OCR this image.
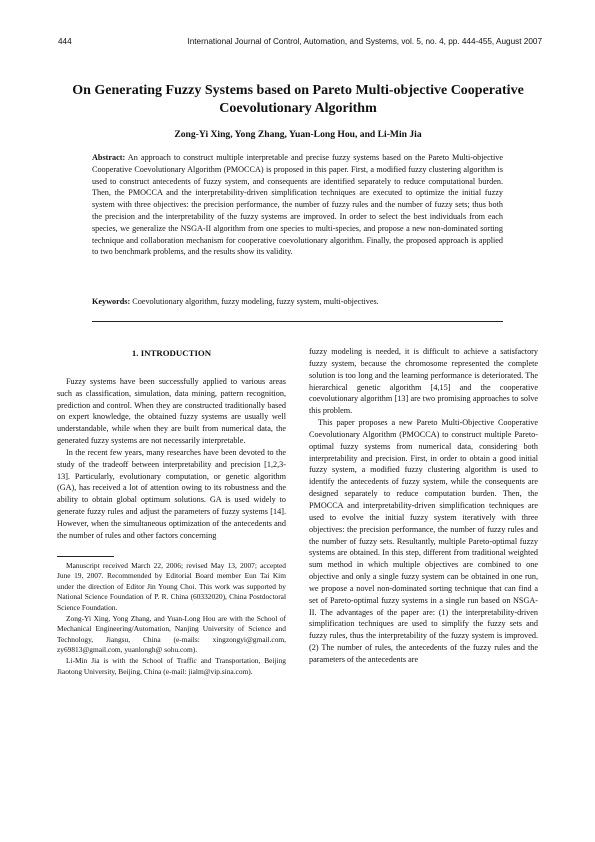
444	International Journal of Control, Automation, and Systems, vol. 5, no. 4, pp. 444-455, August 2007
On Generating Fuzzy Systems based on Pareto Multi-objective Cooperative Coevolutionary Algorithm

Zong-Yi Xing, Yong Zhang, Yuan-Long Hou, and Li-Min Jia

Abstract: An approach to construct multiple interpretable and precise fuzzy systems based on the Pareto Multi-objective Cooperative Coevolutionary Algorithm (PMOCCA) is proposed in this paper. First, a modified fuzzy clustering algorithm is used to construct antecedents of fuzzy system, and consequents are identified separately to reduce computational burden. Then, the PMOCCA and the interpretability-driven simplification techniques are executed to optimize the initial fuzzy system with three objectives: the precision performance, the number of fuzzy rules and the number of fuzzy sets; thus both the precision and the interpretability of the fuzzy systems are improved. In order to select the best individuals from each species, we generalize the NSGA-II algorithm from one species to multi-species, and propose a new non-dominated sorting technique and collaboration mechanism for cooperative coevolutionary algorithm. Finally, the proposed approach is applied to two benchmark problems, and the results show its validity.

Keywords: Coevolutionary algorithm, fuzzy modeling, fuzzy system, multi-objectives.

1. INTRODUCTION

Fuzzy systems have been successfully applied to various areas such as classification, simulation, data mining, pattern recognition, prediction and control. When they are constructed traditionally based on expert knowledge, the obtained fuzzy systems are usually well understandable, while when they are built from numerical data, the generated fuzzy systems are not necessarily interpretable.

In the recent few years, many researches have been devoted to the study of the tradeoff between interpretability and precision [1,2,3-13]. Particularly, evolutionary computation, or genetic algorithm (GA), has received a lot of attention owing to its robustness and the ability to obtain global optimum solutions. GA is used widely to generate fuzzy rules and adjust the parameters of fuzzy systems [14]. However, when the simultaneous optimization of the antecedents and the number of rules and other factors concerning

Manuscript received March 22, 2006; revised May 13, 2007; accepted June 19, 2007. Recommended by Editorial Board member Eun Tai Kim under the direction of Editor Jin Young Choi. This work was supported by National Science Foundation of P. R. China (60332020), China Postdoctoral Science Foundation.

Zong-Yi Xing, Yong Zhang, and Yuan-Long Hou are with the School of Mechanical Engineering/Automation, Nanjing University of Science and Technology, Jiangsu, China (e-mails: xingzongyi@gmail.com, zy69813@gmail.com, yuanlongh@ sohu.com).

Li-Min Jia is with the School of Traffic and Transportation, Beijing Jiaotong University, Beijing, China (e-mail: jialm@vip.sina.com).

fuzzy modeling is needed, it is difficult to achieve a satisfactory fuzzy system, because the chromosome represented the complete solution is too long and the learning performance is deteriorated. The hierarchical genetic algorithm [4,15] and the cooperative coevolutionary algorithm [13] are two promising approaches to solve this problem.

This paper proposes a new Pareto Multi-Objective Cooperative Coevolutionary Algorithm (PMOCCA) to construct multiple Pareto-optimal fuzzy systems from numerical data, considering both interpretability and precision. First, in order to obtain a good initial fuzzy system, a modified fuzzy clustering algorithm is used to identify the antecedents of fuzzy system, while the consequents are designed separately to reduce computation burden. Then, the PMOCCA and interpretability-driven simplification techniques are used to evolve the initial fuzzy system iteratively with three objectives: the precision performance, the number of fuzzy rules and the number of fuzzy sets. Resultantly, multiple Pareto-optimal fuzzy systems are obtained. In this step, different from traditional weighted sum method in which multiple objectives are combined to one objective and only a single fuzzy system can be obtained in one run, we propose a novel non-dominated sorting technique that can find a set of Pareto-optimal fuzzy systems in a single run based on NSGA-II. The advantages of the paper are: (1) the interpretability-driven simplification techniques are used to simplify the fuzzy sets and fuzzy rules, thus the interpretability of the fuzzy system is improved. (2) The number of rules, the antecedents of the fuzzy rules and the parameters of the antecedents are
